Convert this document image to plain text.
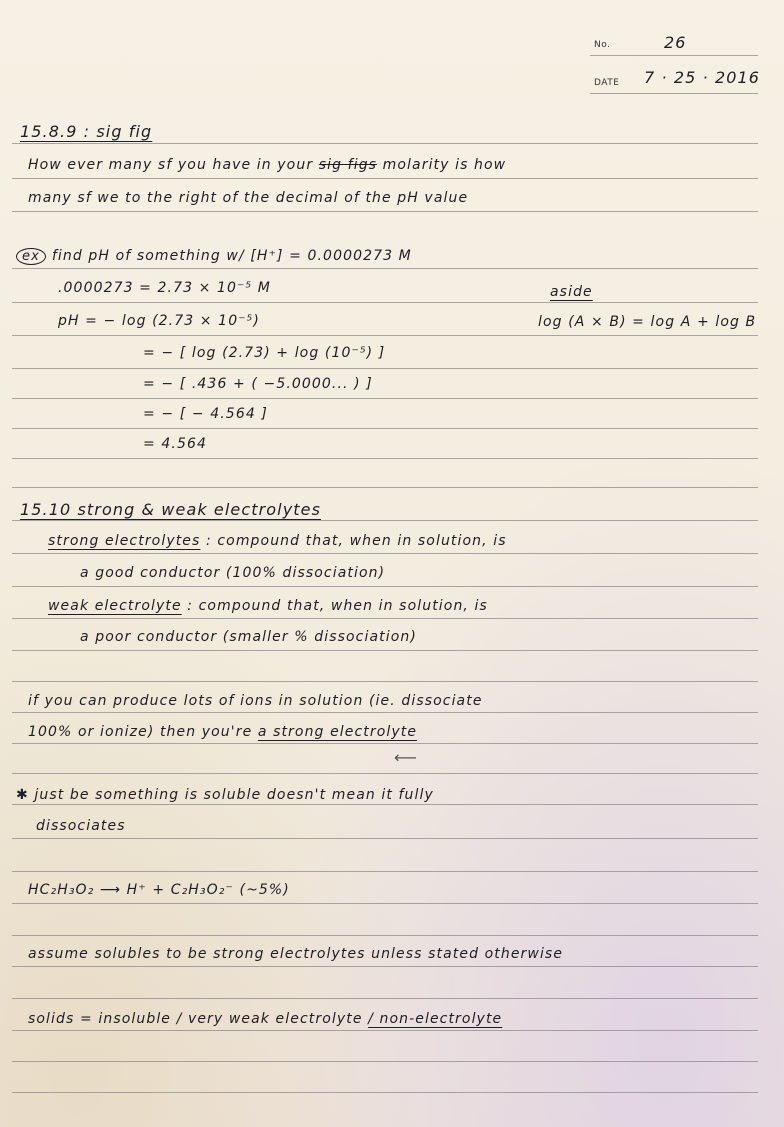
No.	26
DATE 7 · 25 · 2016
15.8.9 : sig fig
How ever many sf you have in your sig figs molarity is how
many sf we to the right of the decimal of the pH value
ex find pH of something w/ [H⁺] = 0.0000273 M
.0000273 = 2.73 × 10⁻⁵ M	aside
log (A × B) = log A + log B
pH = − log (2.73 × 10⁻⁵)
= − [ log (2.73) + log (10⁻⁵) ]
= − [ .436 + ( −5.0000... ) ]
= − [ − 4.564 ]
= 4.564
15.10 strong & weak electrolytes
strong electrolytes : compound that, when in solution, is
a good conductor (100% dissociation)
weak electrolyte : compound that, when in solution, is
a poor conductor (smaller % dissociation)
if you can produce lots of ions in solution (ie. dissociate
100% or ionize) then you're a strong electrolyte
⟵
✱ just be something is soluble doesn't mean it fully
dissociates
HC₂H₃O₂ ⟶ H⁺ + C₂H₃O₂⁻ (~5%)
assume solubles to be strong electrolytes unless stated otherwise
solids = insoluble / very weak electrolyte / non-electrolyte
